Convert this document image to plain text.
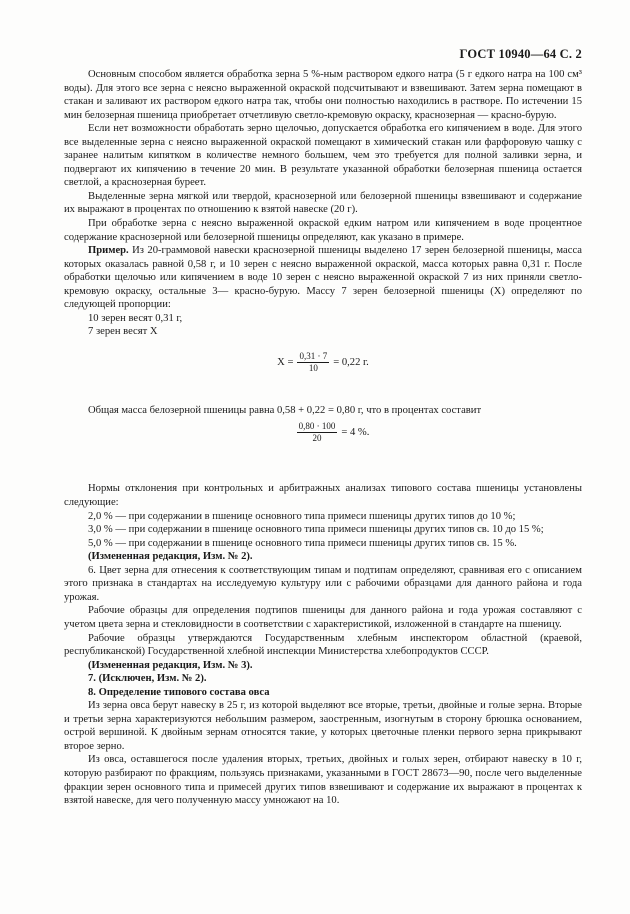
ГОСТ 10940—64 С. 2

Основным способом является обработка зерна 5 %-ным раствором едкого натра (5 г едкого натра на 100 см³ воды). Для этого все зерна с неясно выраженной окраской подсчитывают и взвешивают. Затем зерна помещают в стакан и заливают их раствором едкого натра так, чтобы они полностью находились в растворе. По истечении 15 мин белозерная пшеница приобретает отчетливую светло-кремовую окраску, краснозерная — красно-бурую.

Если нет возможности обработать зерно щелочью, допускается обработка его кипячением в воде. Для этого все выделенные зерна с неясно выраженной окраской помещают в химический стакан или фарфоровую чашку с заранее налитым кипятком в количестве немного большем, чем это требуется для полной заливки зерна, и подвергают их кипячению в течение 20 мин. В результате указанной обработки белозерная пшеница остается светлой, а краснозерная буреет.

Выделенные зерна мягкой или твердой, краснозерной или белозерной пшеницы взвешивают и содержание их выражают в процентах по отношению к взятой навеске (20 г).

При обработке зерна с неясно выраженной окраской едким натром или кипячением в воде процентное содержание краснозерной или белозерной пшеницы определяют, как указано в примере.

Пример. Из 20-граммовой навески краснозерной пшеницы выделено 17 зерен белозерной пшеницы, масса которых оказалась равной 0,58 г, и 10 зерен с неясно выраженной окраской, масса которых равна 0,31 г. После обработки щелочью или кипячением в воде 10 зерен с неясно выраженной окраской 7 из них приняли светло-кремовую окраску, остальные 3— красно-бурую. Массу 7 зерен белозерной пшеницы (X) определяют по следующей пропорции:

10 зерен весят 0,31 г,

7 зерен весят X

$X = \frac{0,31 \cdot 7}{10} = 0,22$ г.

Общая масса белозерной пшеницы равна 0,58 + 0,22 = 0,80 г, что в процентах составит

$\frac{0,80 \cdot 100}{20} = 4$ %.

Нормы отклонения при контрольных и арбитражных анализах типового состава пшеницы установлены следующие:

2,0 % — при содержании в пшенице основного типа примеси пшеницы других типов до 10 %;

3,0 % — при содержании в пшенице основного типа примеси пшеницы других типов св. 10 до 15 %;

5,0 % — при содержании в пшенице основного типа примеси пшеницы других типов св. 15 %.

(Измененная редакция, Изм. № 2).

6. Цвет зерна для отнесения к соответствующим типам и подтипам определяют, сравнивая его с описанием этого признака в стандартах на исследуемую культуру или с рабочими образцами для данного района и года урожая.

Рабочие образцы для определения подтипов пшеницы для данного района и года урожая составляют с учетом цвета зерна и стекловидности в соответствии с характеристикой, изложенной в стандарте на пшеницу.

Рабочие образцы утверждаются Государственным хлебным инспектором областной (краевой, республиканской) Государственной хлебной инспекции Министерства хлебопродуктов СССР.

(Измененная редакция, Изм. № 3).

7. (Исключен, Изм. № 2).

8. Определение типового состава овса

Из зерна овса берут навеску в 25 г, из которой выделяют все вторые, третьи, двойные и голые зерна. Вторые и третьи зерна характеризуются небольшим размером, заостренным, изогнутым в сторону брюшка основанием, острой вершиной. К двойным зернам относятся такие, у которых цветочные пленки первого зерна прикрывают второе зерно.

Из овса, оставшегося после удаления вторых, третьих, двойных и голых зерен, отбирают навеску в 10 г, которую разбирают по фракциям, пользуясь признаками, указанными в ГОСТ 28673—90, после чего выделенные фракции зерен основного типа и примесей других типов взвешивают и содержание их выражают в процентах к взятой навеске, для чего полученную массу умножают на 10.
